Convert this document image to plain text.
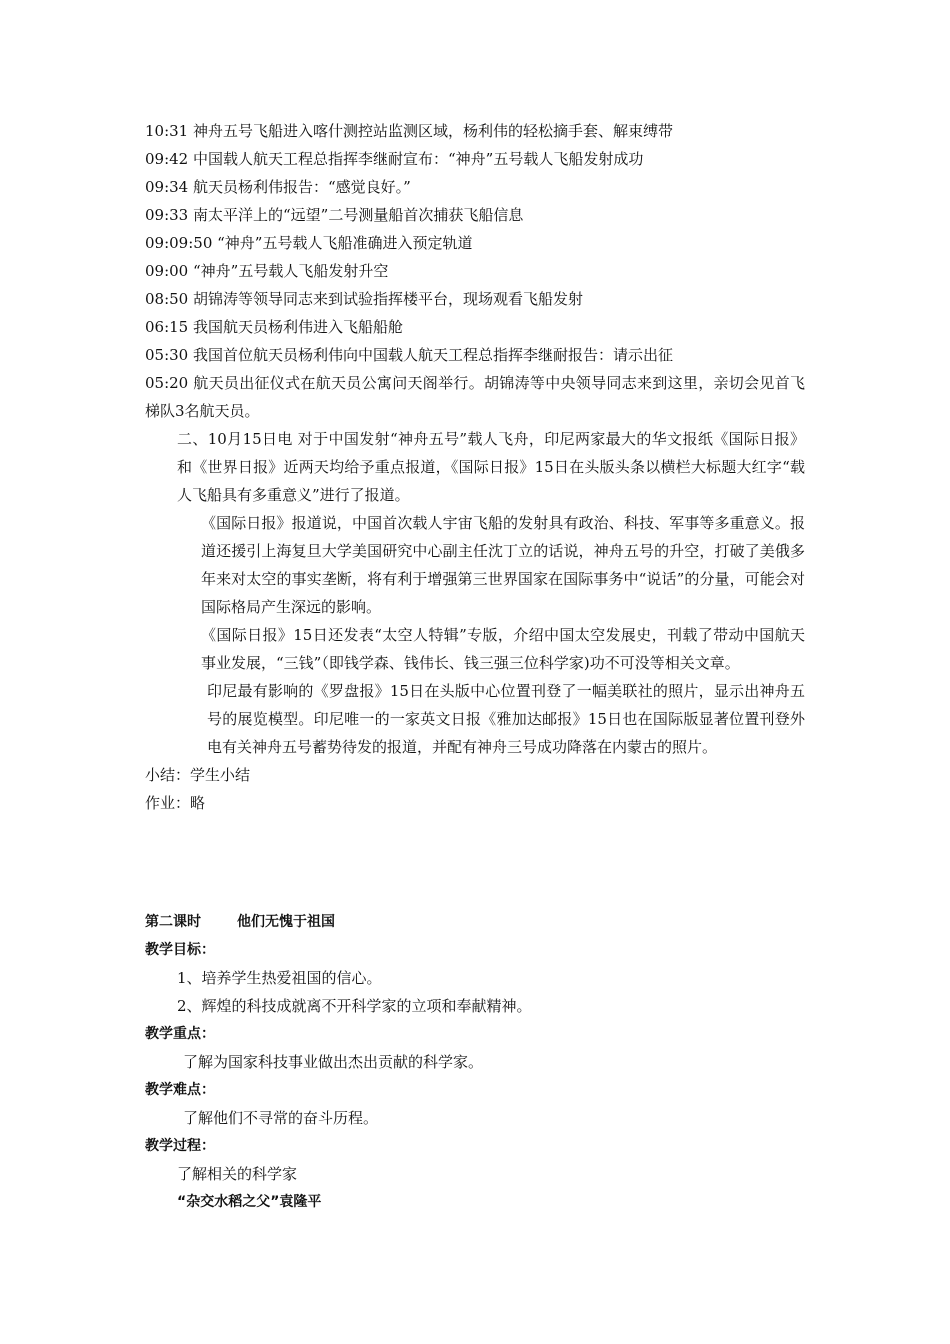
10:31 神舟五号飞船进入喀什测控站监测区域，杨利伟的轻松摘手套、解束缚带

09:42 中国载人航天工程总指挥李继耐宣布：“神舟”五号载人飞船发射成功

09:34 航天员杨利伟报告：“感觉良好。”

09:33 南太平洋上的“远望”二号测量船首次捕获飞船信息

09:09:50 “神舟”五号载人飞船准确进入预定轨道

09:00 “神舟”五号载人飞船发射升空

08:50 胡锦涛等领导同志来到试验指挥楼平台，现场观看飞船发射

06:15 我国航天员杨利伟进入飞船船舱

05:30 我国首位航天员杨利伟向中国载人航天工程总指挥李继耐报告：请示出征

05:20 航天员出征仪式在航天员公寓问天阁举行。胡锦涛等中央领导同志来到这里，亲切会见首飞梯队3名航天员。

二、10月15日电 对于中国发射“神舟五号”载人飞舟，印尼两家最大的华文报纸《国际日报》和《世界日报》近两天均给予重点报道，《国际日报》15日在头版头条以横栏大标题大红字“载人飞船具有多重意义”进行了报道。

《国际日报》报道说，中国首次载人宇宙飞船的发射具有政治、科技、军事等多重意义。报道还援引上海复旦大学美国研究中心副主任沈丁立的话说，神舟五号的升空，打破了美俄多年来对太空的事实垄断，将有利于增强第三世界国家在国际事务中“说话”的分量，可能会对国际格局产生深远的影响。

《国际日报》15日还发表“太空人特辑”专版，介绍中国太空发展史，刊载了带动中国航天事业发展，“三钱”（即钱学森、钱伟长、钱三强三位科学家)功不可没等相关文章。

印尼最有影响的《罗盘报》15日在头版中心位置刊登了一幅美联社的照片，显示出神舟五号的展览模型。印尼唯一的一家英文日报《雅加达邮报》15日也在国际版显著位置刊登外电有关神舟五号蓄势待发的报道，并配有神舟三号成功降落在内蒙古的照片。

小结：学生小结

作业：略

第二课时	他们无愧于祖国

教学目标：

1、培养学生热爱祖国的信心。

2、辉煌的科技成就离不开科学家的立项和奉献精神。

教学重点：

了解为国家科技事业做出杰出贡献的科学家。

教学难点：

了解他们不寻常的奋斗历程。

教学过程：

了解相关的科学家

“杂交水稻之父”袁隆平
